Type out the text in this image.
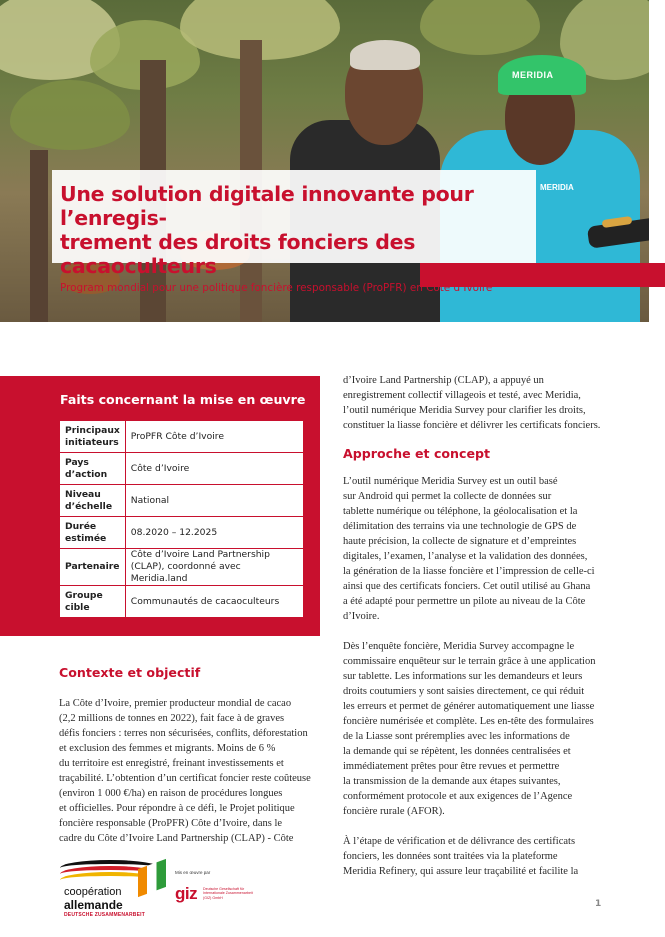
MERIDIA
MERIDIA
Une solution digitale innovante pour l’enregis-
trement des droits fonciers des cacaoculteurs
Program mondial pour une politique foncière responsable (ProPFR) en Côte d’Ivoire
Faits concernant la mise en œuvre
Principaux initiateurs	ProPFR Côte d’Ivoire
Pays d’action	Côte d’Ivoire
Niveau d’échelle	National
Durée estimée	08.2020 – 12.2025
Partenaire	Côte d’Ivoire Land Partnership (CLAP), coordonné avec Meridia.land
Groupe cible	Communautés de cacaoculteurs
Contexte et objectif
La Côte d’Ivoire, premier producteur mondial de cacao
(2,2 millions de tonnes en 2022), fait face à de graves
défis fonciers : terres non sécurisées, conflits, déforestation
et exclusion des femmes et migrants. Moins de 6 %
du territoire est enregistré, freinant investissements et
traçabilité. L’obtention d’un certificat foncier reste coûteuse
(environ 1 000 €/ha) en raison de procédures longues
et officielles. Pour répondre à ce défi, le Projet politique
foncière responsable (ProPFR) Côte d’Ivoire, dans le
cadre du Côte d’Ivoire Land Partnership (CLAP) - Côte
d’Ivoire Land Partnership (CLAP), a appuyé un
enregistrement collectif villageois et testé, avec Meridia,
l’outil numérique Meridia Survey pour clarifier les droits,
constituer la liasse foncière et délivrer les certificats fonciers.
Approche et concept

L’outil numérique Meridia Survey est un outil basé
sur Android qui permet la collecte de données sur
tablette numérique ou téléphone, la géolocalisation et la
délimitation des terrains via une technologie de GPS de
haute précision, la collecte de signature et d’empreintes
digitales, l’examen, l’analyse et la validation des données,
la génération de la liasse foncière et l’impression de celle-ci
ainsi que des certificats fonciers. Cet outil utilisé au Ghana
a été adapté pour permettre un pilote au niveau de la Côte
d’Ivoire.

Dès l’enquête foncière, Meridia Survey accompagne le
commissaire enquêteur sur le terrain grâce à une application
sur tablette. Les informations sur les demandeurs et leurs
droits coutumiers y sont saisies directement, ce qui réduit
les erreurs et permet de générer automatiquement une liasse
foncière numérisée et complète. Les en-tête des formulaires
de la Liasse sont préremplies avec les informations de
la demande qui se répètent, les données centralisées et
immédiatement prêtes pour être revues et permettre
la transmission de la demande aux étapes suivantes,
conformément protocole et aux exigences de l’Agence
foncière rurale (AFOR).

À l’étape de vérification et de délivrance des certificats
fonciers, les données sont traitées via la plateforme
Meridia Refinery, qui assure leur traçabilité et facilite la

coopération
allemande
DEUTSCHE ZUSAMMENARBEIT
Mis en œuvre par
giz Deutsche Gesellschaft für Internationale Zusammenarbeit (GIZ) GmbH
1
